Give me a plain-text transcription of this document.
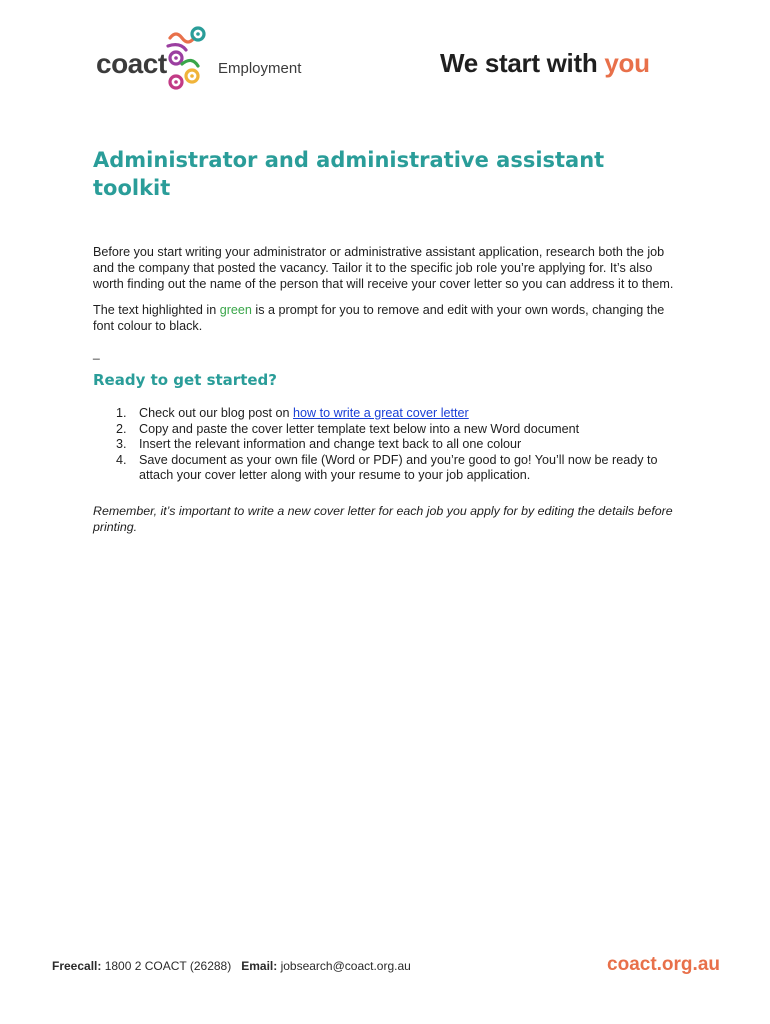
coact	Employment	We start with you
Administrator and administrative assistant toolkit

Before you start writing your administrator or administrative assistant application, research both the job and the company that posted the vacancy. Tailor it to the specific job role you’re applying for. It’s also worth finding out the name of the person that will receive your cover letter so you can address it to them.

The text highlighted in green is a prompt for you to remove and edit with your own words, changing the font colour to black.

_

Ready to get started?
1. Check out our blog post on how to write a great cover letter
2. Copy and paste the cover letter template text below into a new Word document
3. Insert the relevant information and change text back to all one colour
4. Save document as your own file (Word or PDF) and you’re good to go! You’ll now be ready to attach your cover letter along with your resume to your job application.

Remember, it’s important to write a new cover letter for each job you apply for by editing the details before printing.

Freecall: 1800 2 COACT (26288)   Email: jobsearch@coact.org.au	coact.org.au
